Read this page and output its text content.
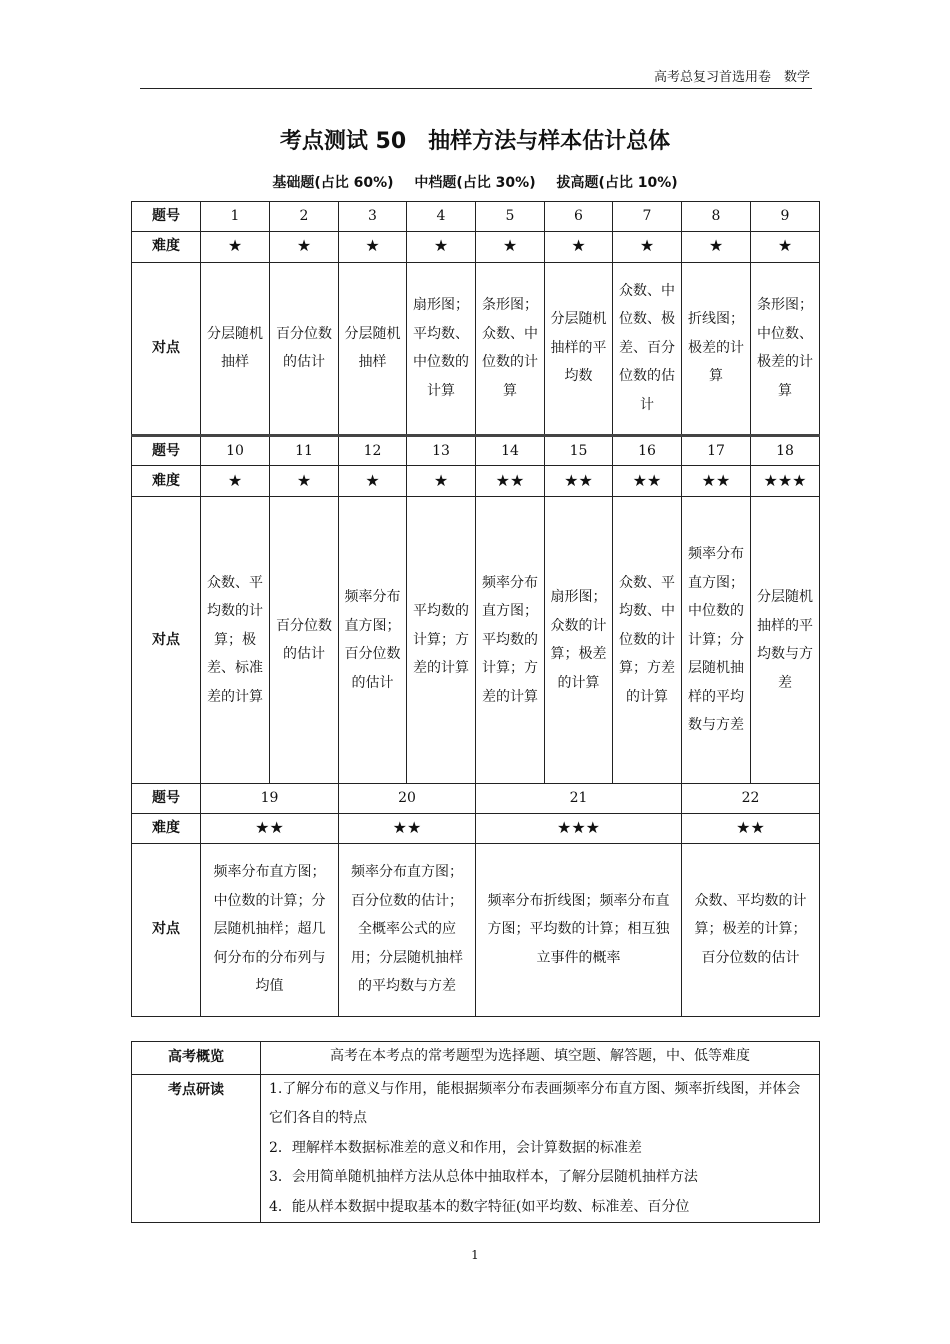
高考总复习首选用卷　数学
考点测试 50　抽样方法与样本估计总体
基础题(占比 60%) 中档题(占比 30%) 拔高题(占比 10%)
题号	1	2	3	4	5	6	7	8	9
难度	★	★	★	★	★	★	★	★	★
对点	分层随机抽样	百分位数的估计	分层随机抽样	扇形图；平均数、中位数的计算	条形图；众数、中位数的计算	分层随机抽样的平均数	众数、中位数、极差、百分位数的估计	折线图；极差的计算	条形图；中位数、极差的计算
题号	10	11	12	13	14	15	16	17	18
难度	★	★	★	★	★★	★★	★★	★★	★★★
对点	众数、平均数的计算；极差、标准差的计算	百分位数的估计	频率分布直方图；百分位数的估计	平均数的计算；方差的计算	频率分布直方图；平均数的计算；方差的计算	扇形图；众数的计算；极差的计算	众数、平均数、中位数的计算；方差的计算	频率分布直方图；中位数的计算；分层随机抽样的平均数与方差	分层随机抽样的平均数与方差
题号	19		20		21			22	
难度	★★		★★		★★★			★★	
对点	频率分布直方图；中位数的计算；分层随机抽样；超几何分布的分布列与均值		频率分布直方图；百分位数的估计；全概率公式的应用；分层随机抽样的平均数与方差		频率分布折线图；频率分布直方图；平均数的计算；相互独立事件的概率			众数、平均数的计算；极差的计算；百分位数的估计	
高考概览	高考在本考点的常考题型为选择题、填空题、解答题，中、低等难度
考点研读	1.了解分布的意义与作用，能根据频率分布表画频率分布直方图、频率折线图，并体会它们各自的特点
2．理解样本数据标准差的意义和作用，会计算数据的标准差
3．会用简单随机抽样方法从总体中抽取样本，了解分层随机抽样方法
4．能从样本数据中提取基本的数字特征(如平均数、标准差、百分位
1
